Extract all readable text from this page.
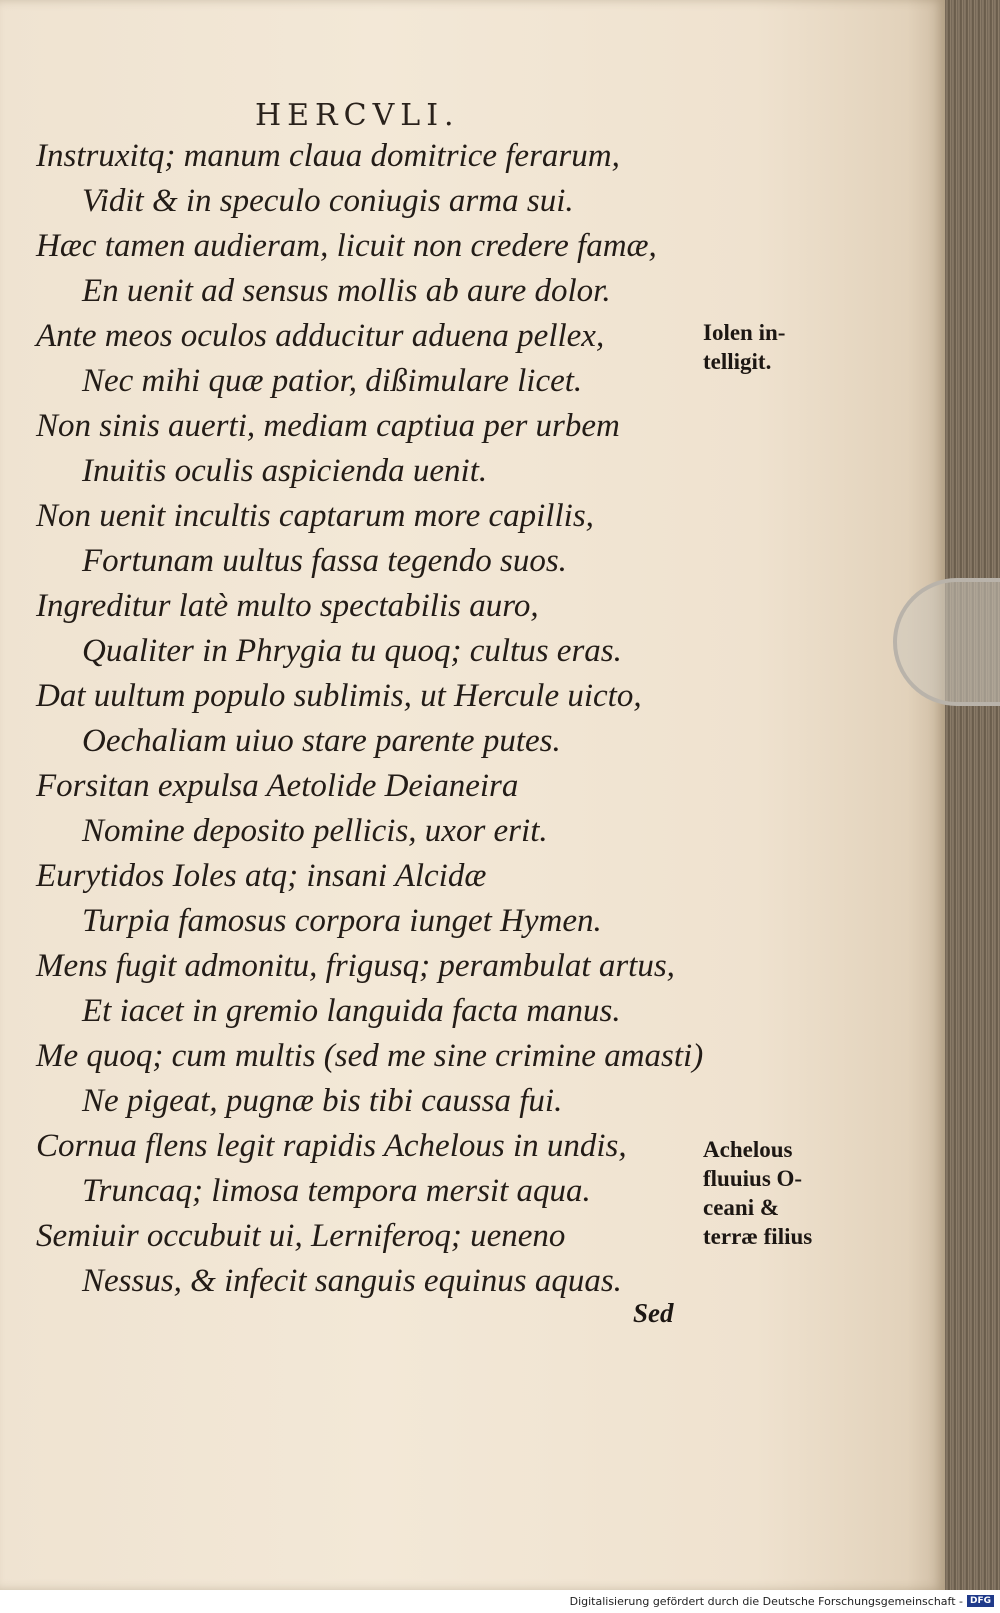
HERCVLI.
Instruxitq; manum claua domitrice ferarum,
Vidit & in speculo coniugis arma sui.
Hæc tamen audieram, licuit non credere famæ,
En uenit ad sensus mollis ab aure dolor.
Ante meos oculos adducitur aduena pellex,
Nec mihi quæ patior, dißimulare licet.
Non sinis auerti, mediam captiua per urbem
Inuitis oculis aspicienda uenit.
Non uenit incultis captarum more capillis,
Fortunam uultus fassa tegendo suos.
Ingreditur latè multo spectabilis auro,
Qualiter in Phrygia tu quoq; cultus eras.
Dat uultum populo sublimis, ut Hercule uicto,
Oechaliam uiuo stare parente putes.
Forsitan expulsa Aetolide Deianeira
Nomine deposito pellicis, uxor erit.
Eurytidos Ioles atq; insani Alcidæ
Turpia famosus corpora iunget Hymen.
Mens fugit admonitu, frigusq; perambulat artus,
Et iacet in gremio languida facta manus.
Me quoq; cum multis (sed me sine crimine amasti)
Ne pigeat, pugnæ bis tibi caussa fui.
Cornua flens legit rapidis Achelous in undis,
Truncaq; limosa tempora mersit aqua.
Semiuir occubuit ui, Lerniferoq; ueneno
Nessus, & infecit sanguis equinus aquas.
Iolen in-
telligit.
Achelous
fluuius O-
ceani &
terræ filius
Sed
Digitalisierung gefördert durch die Deutsche Forschungsgemeinschaft - DFG
